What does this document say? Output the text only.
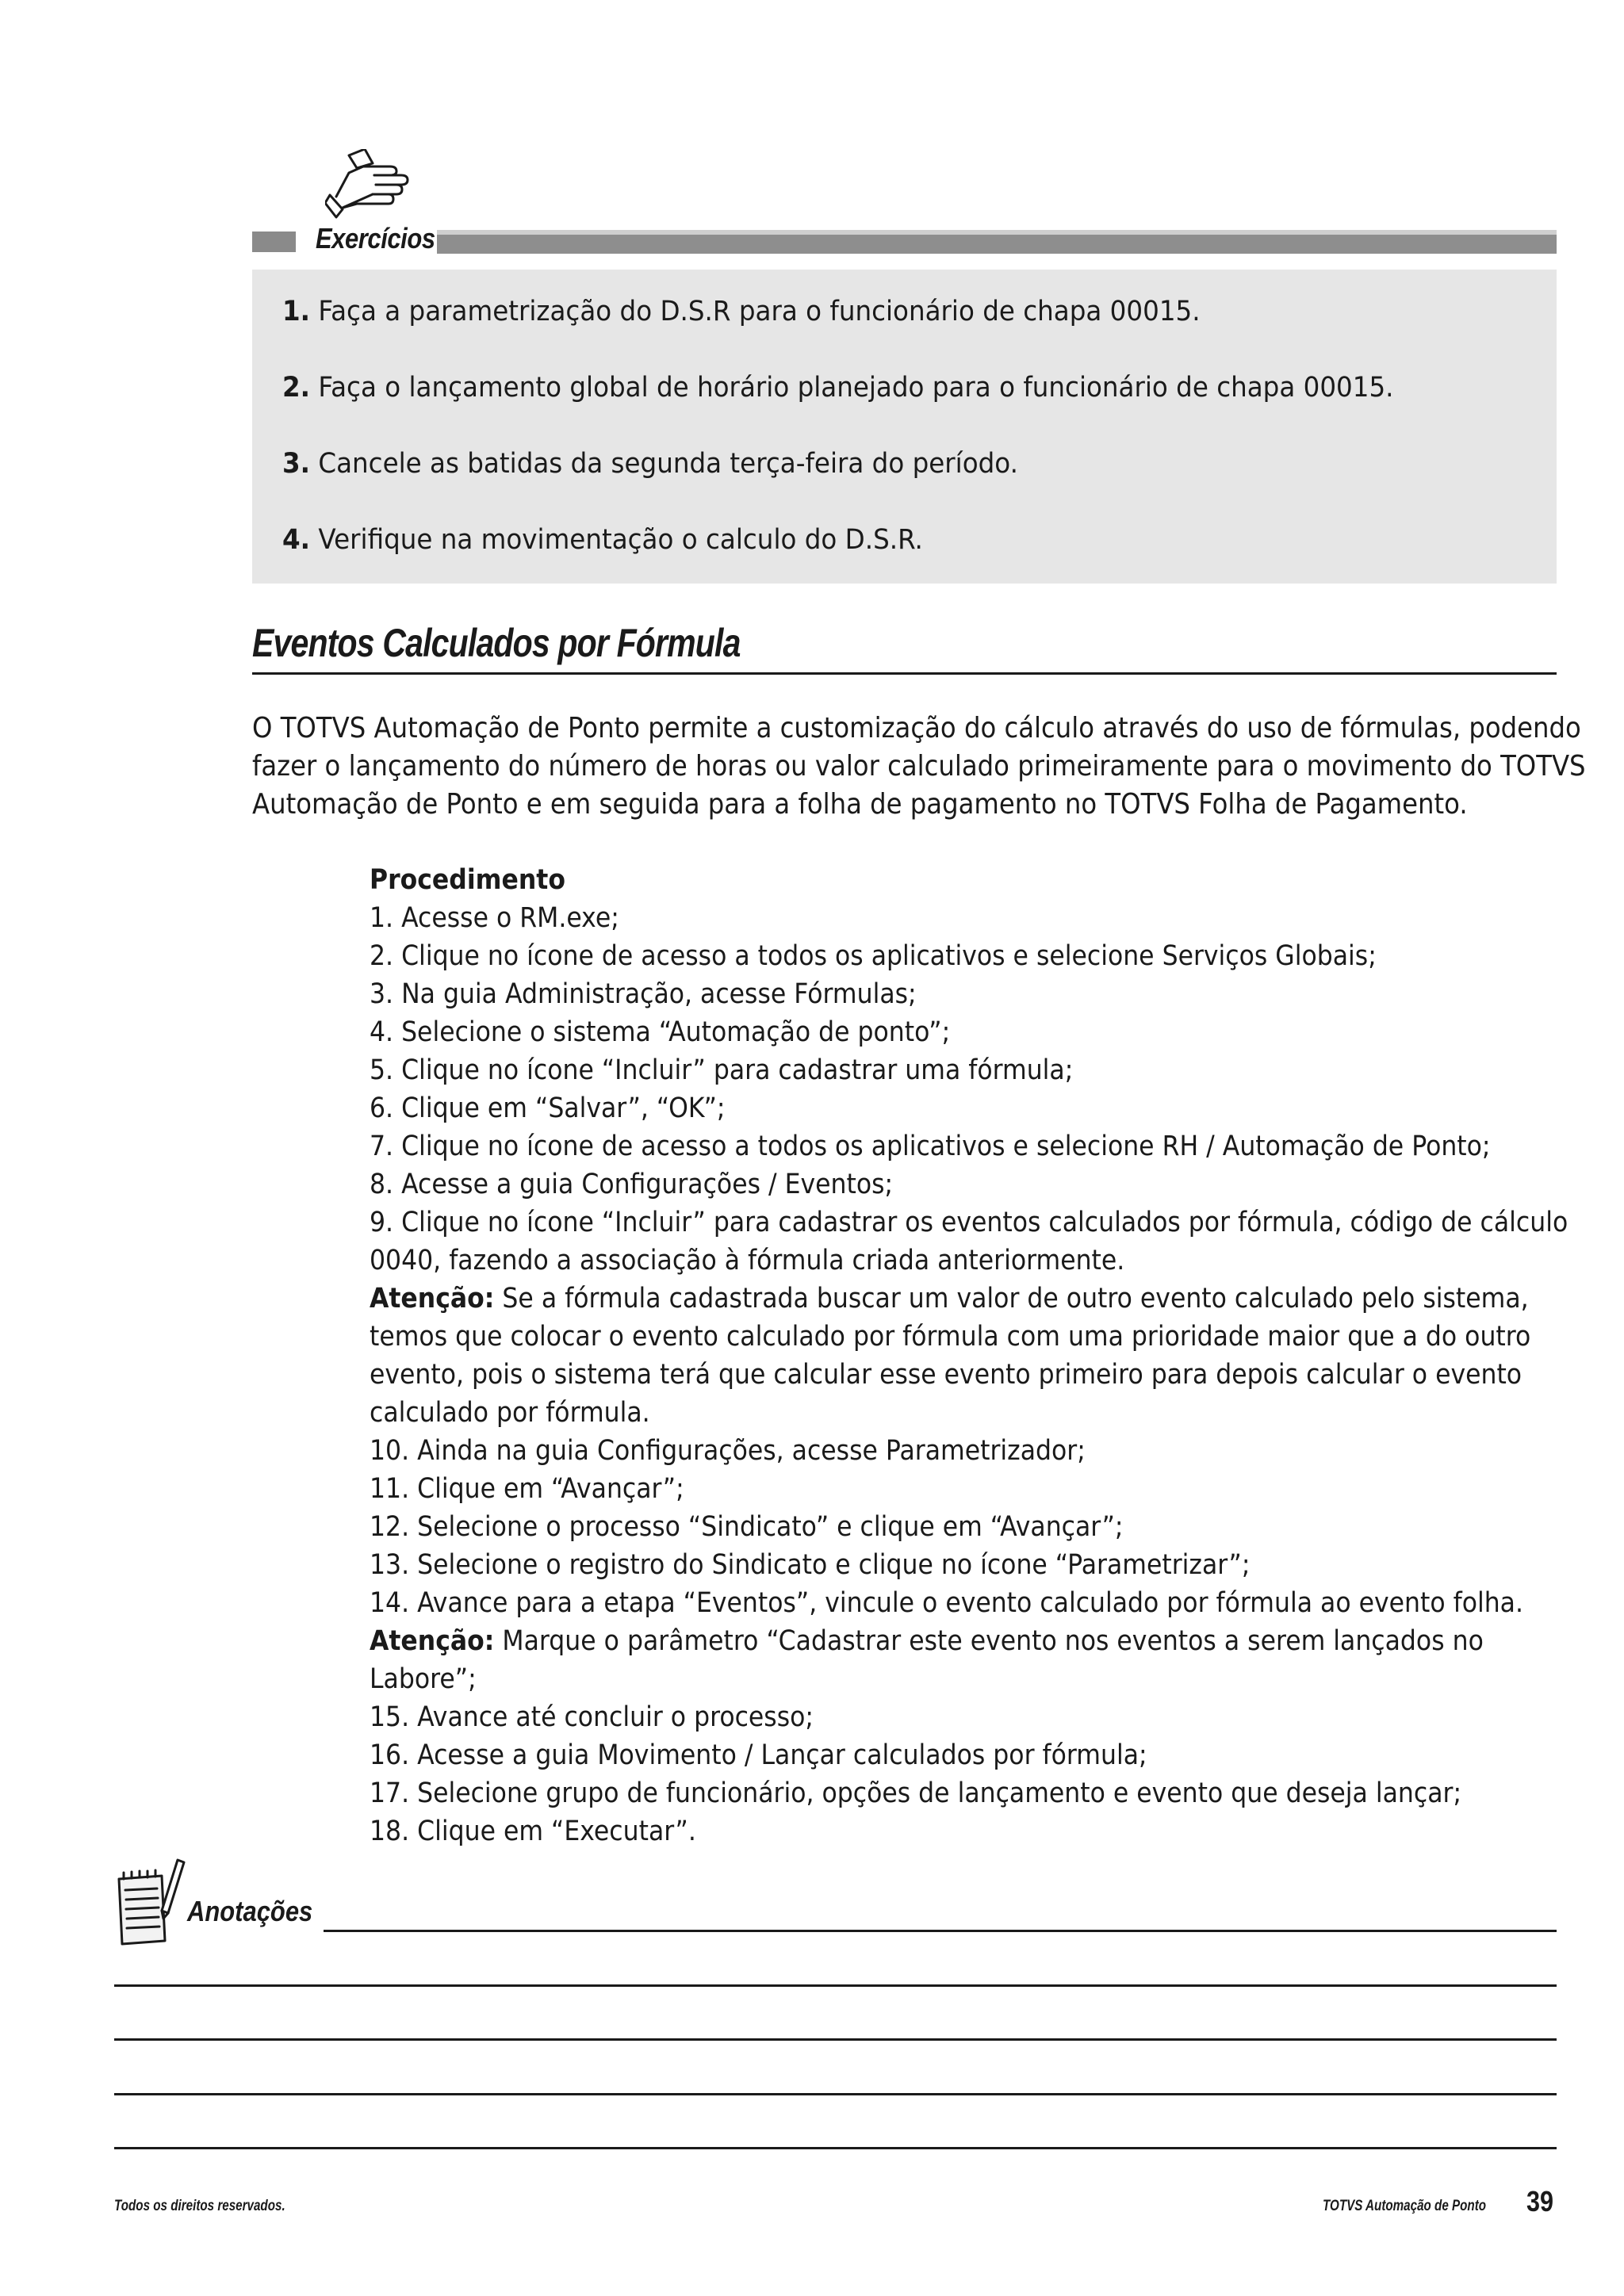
Exercícios
1. Faça a parametrização do D.S.R para o funcionário de chapa 00015.
2. Faça o lançamento global de horário planejado para o funcionário de chapa 00015.
3. Cancele as batidas da segunda terça-feira do período.
4. Verifique na movimentação o calculo do D.S.R.
Eventos Calculados por Fórmula
O TOTVS Automação de Ponto permite a customização do cálculo através do uso de fórmulas, podendo
fazer o lançamento do número de horas ou valor calculado primeiramente para o movimento do TOTVS
Automação de Ponto e em seguida para a folha de pagamento no TOTVS Folha de Pagamento.
Procedimento
1. Acesse o RM.exe;
2. Clique no ícone de acesso a todos os aplicativos e selecione Serviços Globais;
3. Na guia Administração, acesse Fórmulas;
4. Selecione o sistema “Automação de ponto”;
5. Clique no ícone “Incluir” para cadastrar uma fórmula;
6. Clique em “Salvar”, “OK”;
7. Clique no ícone de acesso a todos os aplicativos e selecione RH / Automação de Ponto;
8. Acesse a guia Configurações / Eventos;
9. Clique no ícone “Incluir” para cadastrar os eventos calculados por fórmula, código de cálculo
0040, fazendo a associação à fórmula criada anteriormente.
Atenção: Se a fórmula cadastrada buscar um valor de outro evento calculado pelo sistema,
temos que colocar o evento calculado por fórmula com uma prioridade maior que a do outro
evento, pois o sistema terá que calcular esse evento primeiro para depois calcular o evento
calculado por fórmula.
10. Ainda na guia Configurações, acesse Parametrizador;
11. Clique em “Avançar”;
12. Selecione o processo “Sindicato” e clique em “Avançar”;
13. Selecione o registro do Sindicato e clique no ícone “Parametrizar”;
14. Avance para a etapa “Eventos”, vincule o evento calculado por fórmula ao evento folha.
Atenção: Marque o parâmetro “Cadastrar este evento nos eventos a serem lançados no
Labore”;
15. Avance até concluir o processo;
16. Acesse a guia Movimento / Lançar calculados por fórmula;
17. Selecione grupo de funcionário, opções de lançamento e evento que deseja lançar;
18. Clique em “Executar”.
Anotações
Todos os direitos reservados.	TOTVS Automação de Ponto 39
